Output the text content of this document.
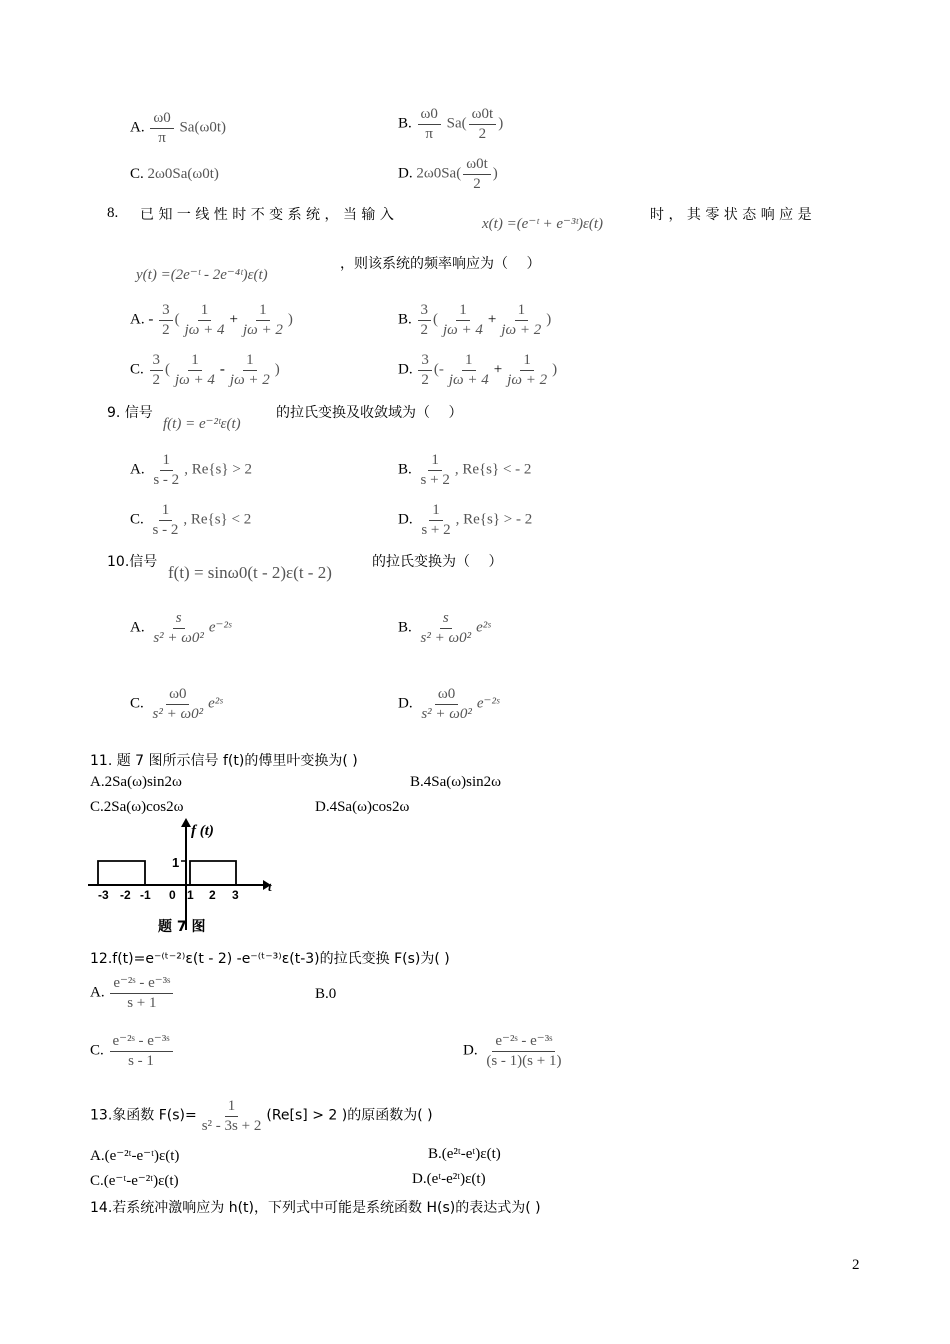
A. $\frac{\omega 0}{\pi} Sa(\omega 0t)$	B. $\frac{\omega 0}{\pi} Sa( \frac{\omega 0t}{2}$ )
C. 2ω0Sa(ω0t)	D. $2\omega 0Sa( \frac{\omega 0t}{2}$ )
8. 已 知 一 线 性 时 不 变 系 统 ， 当 输 入
x(t) =(e⁻ᵗ + e⁻³ᵗ)ε(t)
时 ， 其 零 状 态 响 应 是
y(t) =(2e⁻ᵗ - 2e⁻⁴ᵗ)ε(t)
，则该系统的频率响应为（　 ）
A. - $\frac{3}{2}$ ( $\frac{1}{j\omega + 4} + \frac{1}{j\omega + 2}$ )	B. $\frac{3}{2}$ ( $\frac{1}{j\omega + 4} + \frac{1}{j\omega + 2}$ )
C. $\frac{3}{2}$ ( $\frac{1}{j\omega + 4} - \frac{1}{j\omega + 2}$ )	D. $\frac{3}{2}$ (- $\frac{1}{j\omega + 4} + \frac{1}{j\omega + 2}$ )
9. 信号
f(t) = e⁻²ᵗε(t)
的拉氏变换及收敛域为（　 ）
A. $\frac{1}{s - 2}$ , Re{s} > 2	B. $\frac{1}{s + 2}$ , Re{s} < - 2
C. $\frac{1}{s - 2}$ , Re{s} < 2	D. $\frac{1}{s + 2}$ , Re{s} > - 2
10.信号
f(t) = sinω0(t - 2)ε(t - 2)
的拉氏变换为（　 ）
A. $\frac{s}{\text{s² + ω0²}}$ e⁻²ˢ	B. $\frac{s}{\text{s² + ω0²}}$ e²ˢ
C. $\frac{\omega 0}{\text{s² + ω0²}}$ e²ˢ	D. $\frac{\omega 0}{\text{s² + ω0²}}$ e⁻²ˢ
11. 题 7 图所示信号 f(t)的傅里叶变换为( )
A.2Sa(ω)sin2ω	B.4Sa(ω)sin2ω
C.2Sa(ω)cos2ω	D.4Sa(ω)cos2ω
f (t)
t
1
-3 -2 -1 0 1 2 3
题 7 图
12.f(t)=e⁻⁽ᵗ⁻²⁾ε(t - 2) -e⁻⁽ᵗ⁻³⁾ε(t-3)的拉氏变换 F(s)为( )
A. $\frac{\text{e⁻²ˢ - e⁻³ˢ}}{s + 1}$	B.0
C. $\frac{\text{e⁻²ˢ - e⁻³ˢ}}{s - 1}$	D. $\frac{\text{e⁻²ˢ - e⁻³ˢ}}{(s - 1)(s + 1)}$
13.象函数 $F(s)= \frac{1}{\text{s² - 3s + 2}} (Re[s] > 2$ )的原函数为( )
A.(e⁻²ᵗ-e⁻ᵗ)ε(t)	B.(e²ᵗ-eᵗ)ε(t)
C.(e⁻ᵗ-e⁻²ᵗ)ε(t)	D.(eᵗ-e²ᵗ)ε(t)
14.若系统冲激响应为 h(t)，下列式中可能是系统函数 H(s)的表达式为( )
2
